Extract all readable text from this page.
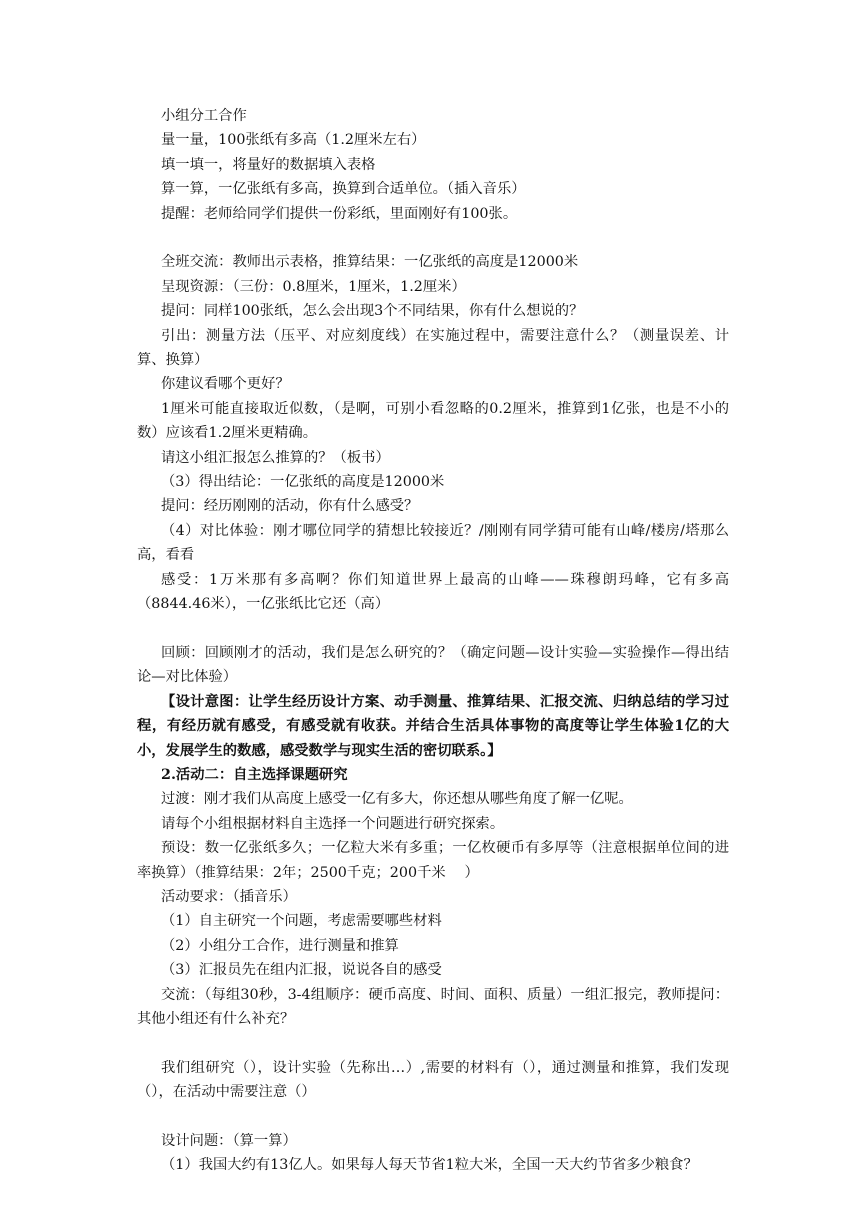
小组分工合作

量一量，100张纸有多高（1.2厘米左右）

填一填一，将量好的数据填入表格

算一算，一亿张纸有多高，换算到合适单位。（插入音乐）

提醒：老师给同学们提供一份彩纸，里面刚好有100张。

全班交流：教师出示表格，推算结果：一亿张纸的高度是12000米

呈现资源：（三份：0.8厘米，1厘米，1.2厘米）

提问：同样100张纸，怎么会出现3个不同结果，你有什么想说的？

引出：测量方法（压平、对应刻度线）在实施过程中，需要注意什么？（测量误差、计算、换算）

你建议看哪个更好？

1厘米可能直接取近似数，（是啊，可别小看忽略的0.2厘米，推算到1亿张，也是不小的数）应该看1.2厘米更精确。

请这小组汇报怎么推算的？（板书）

（3）得出结论：一亿张纸的高度是12000米

提问：经历刚刚的活动，你有什么感受？

（4）对比体验：刚才哪位同学的猜想比较接近？/刚刚有同学猜可能有山峰/楼房/塔那么高，看看

感受：1万米那有多高啊？你们知道世界上最高的山峰——珠穆朗玛峰，它有多高（8844.46米），一亿张纸比它还（高）

回顾：回顾刚才的活动，我们是怎么研究的？（确定问题—设计实验—实验操作—得出结论—对比体验）

【设计意图：让学生经历设计方案、动手测量、推算结果、汇报交流、归纳总结的学习过程，有经历就有感受，有感受就有收获。并结合生活具体事物的高度等让学生体验1亿的大小，发展学生的数感，感受数学与现实生活的密切联系。】

2.活动二：自主选择课题研究

过渡：刚才我们从高度上感受一亿有多大，你还想从哪些角度了解一亿呢。

请每个小组根据材料自主选择一个问题进行研究探索。

预设：数一亿张纸多久；一亿粒大米有多重；一亿枚硬币有多厚等（注意根据单位间的进率换算）（推算结果：2年；2500千克；200千米　 ）

活动要求：（插音乐）

（1）自主研究一个问题，考虑需要哪些材料

（2）小组分工合作，进行测量和推算

（3）汇报员先在组内汇报，说说各自的感受

交流：（每组30秒，3-4组顺序：硬币高度、时间、面积、质量）一组汇报完，教师提问：其他小组还有什么补充？

我们组研究（），设计实验（先称出…）,需要的材料有（），通过测量和推算，我们发现（），在活动中需要注意（）

设计问题：（算一算）

（1）我国大约有13亿人。如果每人每天节省1粒大米，全国一天大约节省多少粮食？
